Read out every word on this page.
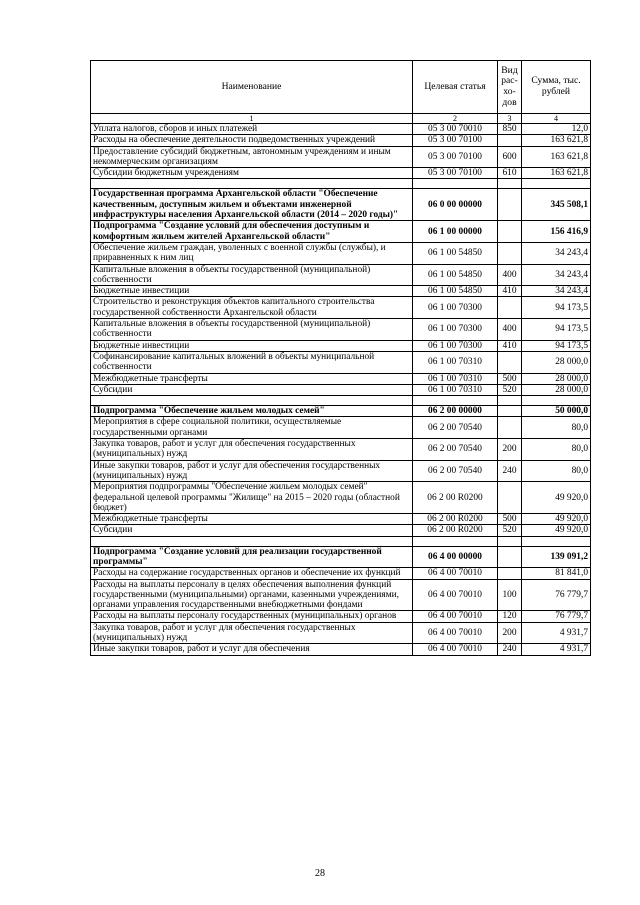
Наименование	Целевая статья	Вид рас-хо-дов	Сумма, тыс. рублей
1	2	3	4
Уплата налогов, сборов и иных платежей	05 3 00 70010	850	12,0
Расходы на обеспечение деятельности подведомственных учреждений	05 3 00 70100		163 621,8
Предоставление субсидий бюджетным, автономным учреждениям и иным некоммерческим организациям	05 3 00 70100	600	163 621,8
Субсидии бюджетным учреждениям	05 3 00 70100	610	163 621,8

Государственная программа Архангельской области "Обеспечение качественным, доступным жильем и объектами инженерной инфраструктуры населения Архангельской области (2014 – 2020 годы)"	06 0 00 00000		345 508,1
Подпрограмма "Создание условий для обеспечения доступным и комфортным жильем жителей Архангельской области"	06 1 00 00000		156 416,9
Обеспечение жильем граждан, уволенных с военной службы (службы), и приравненных к ним лиц	06 1 00 54850		34 243,4
Капитальные вложения в объекты государственной (муниципальной) собственности	06 1 00 54850	400	34 243,4
Бюджетные инвестиции	06 1 00 54850	410	34 243,4
Строительство и реконструкция объектов капитального строительства государственной собственности Архангельской области	06 1 00 70300		94 173,5
Капитальные вложения в объекты государственной (муниципальной) собственности	06 1 00 70300	400	94 173,5
Бюджетные инвестиции	06 1 00 70300	410	94 173,5
Софинансирование капитальных вложений в объекты муниципальной собственности	06 1 00 70310		28 000,0
Межбюджетные трансферты	06 1 00 70310	500	28 000,0
Субсидии	06 1 00 70310	520	28 000,0

Подпрограмма "Обеспечение жильем молодых семей"	06 2 00 00000		50 000,0
Мероприятия в сфере социальной политики, осуществляемые государственными органами	06 2 00 70540		80,0
Закупка товаров, работ и услуг для обеспечения государственных (муниципальных) нужд	06 2 00 70540	200	80,0
Иные закупки товаров, работ и услуг для обеспечения государственных (муниципальных) нужд	06 2 00 70540	240	80,0
Мероприятия подпрограммы "Обеспечение жильем молодых семей" федеральной целевой программы "Жилище" на 2015 – 2020 годы (областной бюджет)	06 2 00 R0200		49 920,0
Межбюджетные трансферты	06 2 00 R0200	500	49 920,0
Субсидии	06 2 00 R0200	520	49 920,0

Подпрограмма "Создание условий для реализации государственной программы"	06 4 00 00000		139 091,2
Расходы на содержание государственных органов и обеспечение их функций	06 4 00 70010		81 841,0
Расходы на выплаты персоналу в целях обеспечения выполнения функций государственными (муниципальными) органами, казенными учреждениями, органами управления государственными внебюджетными фондами	06 4 00 70010	100	76 779,7
Расходы на выплаты персоналу государственных (муниципальных) органов	06 4 00 70010	120	76 779,7
Закупка товаров, работ и услуг для обеспечения государственных (муниципальных) нужд	06 4 00 70010	200	4 931,7
Иные закупки товаров, работ и услуг для обеспечения	06 4 00 70010	240	4 931,7
28
